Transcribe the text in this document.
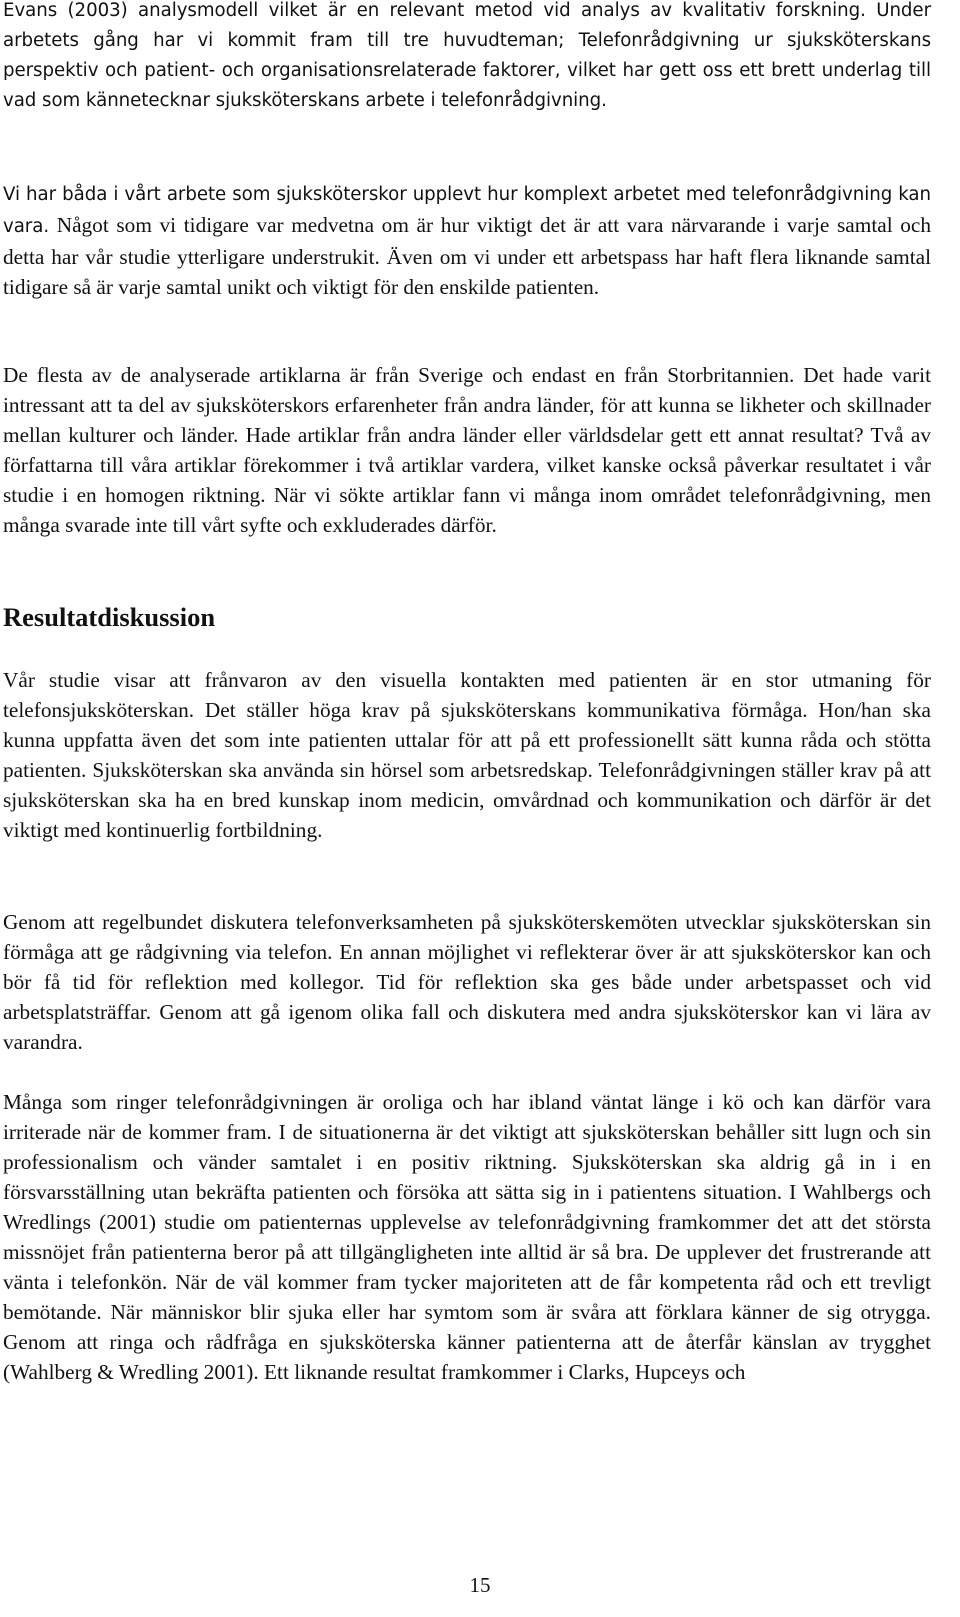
Evans (2003) analysmodell vilket är en relevant metod vid analys av kvalitativ forskning. Under arbetets gång har vi kommit fram till tre huvudteman; Telefonrådgivning ur sjuksköterskans perspektiv och patient- och organisationsrelaterade faktorer, vilket har gett oss ett brett underlag till vad som kännetecknar sjuksköterskans arbete i telefonrådgivning.

Vi har båda i vårt arbete som sjuksköterskor upplevt hur komplext arbetet med telefonrådgivning kan vara. Något som vi tidigare var medvetna om är hur viktigt det är att vara närvarande i varje samtal och detta har vår studie ytterligare understrukit. Även om vi under ett arbetspass har haft flera liknande samtal tidigare så är varje samtal unikt och viktigt för den enskilde patienten.

De flesta av de analyserade artiklarna är från Sverige och endast en från Storbritannien. Det hade varit intressant att ta del av sjuksköterskors erfarenheter från andra länder, för att kunna se likheter och skillnader mellan kulturer och länder. Hade artiklar från andra länder eller världsdelar gett ett annat resultat? Två av författarna till våra artiklar förekommer i två artiklar vardera, vilket kanske också påverkar resultatet i vår studie i en homogen riktning. När vi sökte artiklar fann vi många inom området telefonrådgivning, men många svarade inte till vårt syfte och exkluderades därför.

Resultatdiskussion

Vår studie visar att frånvaron av den visuella kontakten med patienten är en stor utmaning för telefonsjuksköterskan. Det ställer höga krav på sjuksköterskans kommunikativa förmåga. Hon/han ska kunna uppfatta även det som inte patienten uttalar för att på ett professionellt sätt kunna råda och stötta patienten. Sjuksköterskan ska använda sin hörsel som arbetsredskap. Telefonrådgivningen ställer krav på att sjuksköterskan ska ha en bred kunskap inom medicin, omvårdnad och kommunikation och därför är det viktigt med kontinuerlig fortbildning.

Genom att regelbundet diskutera telefonverksamheten på sjuksköterskemöten utvecklar sjuksköterskan sin förmåga att ge rådgivning via telefon. En annan möjlighet vi reflekterar över är att sjuksköterskor kan och bör få tid för reflektion med kollegor. Tid för reflektion ska ges både under arbetspasset och vid arbetsplatsträffar. Genom att gå igenom olika fall och diskutera med andra sjuksköterskor kan vi lära av varandra.

Många som ringer telefonrådgivningen är oroliga och har ibland väntat länge i kö och kan därför vara irriterade när de kommer fram. I de situationerna är det viktigt att sjuksköterskan behåller sitt lugn och sin professionalism och vänder samtalet i en positiv riktning. Sjuksköterskan ska aldrig gå in i en försvarsställning utan bekräfta patienten och försöka att sätta sig in i patientens situation. I Wahlbergs och Wredlings (2001) studie om patienternas upplevelse av telefonrådgivning framkommer det att det största missnöjet från patienterna beror på att tillgängligheten inte alltid är så bra. De upplever det frustrerande att vänta i telefonkön. När de väl kommer fram tycker majoriteten att de får kompetenta råd och ett trevligt bemötande. När människor blir sjuka eller har symtom som är svåra att förklara känner de sig otrygga. Genom att ringa och rådfråga en sjuksköterska känner patienterna att de återfår känslan av trygghet (Wahlberg & Wredling 2001). Ett liknande resultat framkommer i Clarks, Hupceys och

15
